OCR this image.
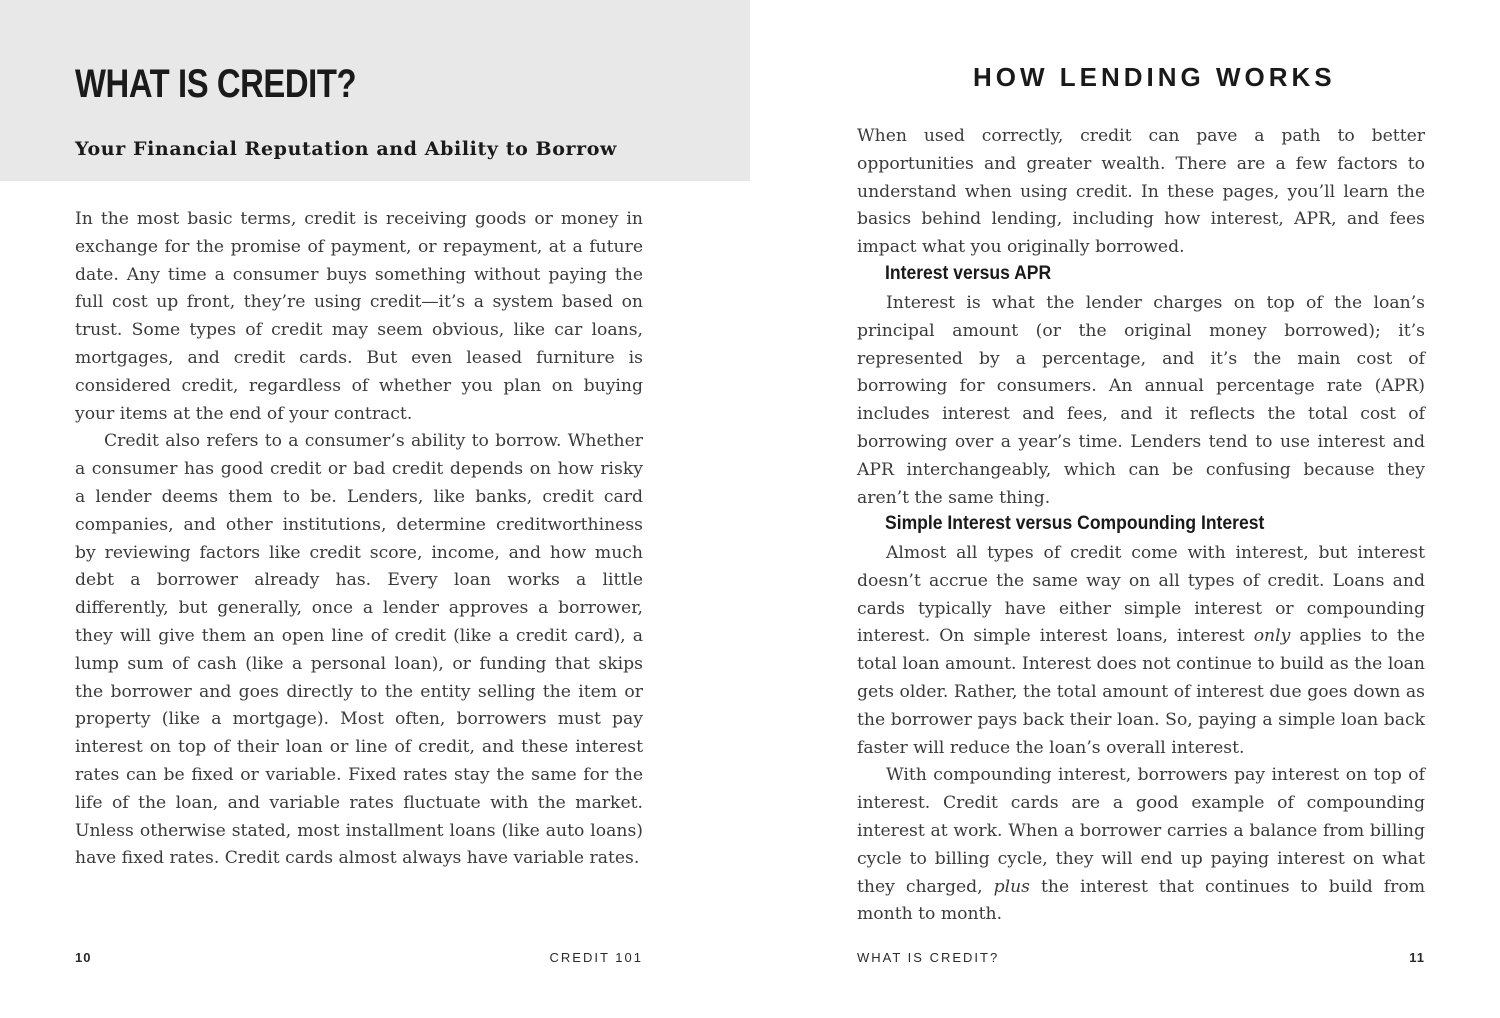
WHAT IS CREDIT?
Your Financial Reputation and Ability to Borrow

In the most basic terms, credit is receiving goods or money in exchange for the promise of payment, or repayment, at a future date. Any time a consumer buys something without paying the full cost up front, they’re using credit—it’s a system based on trust. Some types of credit may seem obvious, like car loans, mortgages, and credit cards. But even leased furniture is considered credit, regardless of whether you plan on buying your items at the end of your contract.

Credit also refers to a consumer’s ability to borrow. Whether a consumer has good credit or bad credit depends on how risky a lender deems them to be. Lenders, like banks, credit card companies, and other institutions, determine creditworthiness by reviewing factors like credit score, income, and how much debt a borrower already has. Every loan works a little differently, but generally, once a lender approves a borrower, they will give them an open line of credit (like a credit card), a lump sum of cash (like a personal loan), or funding that skips the borrower and goes directly to the entity selling the item or property (like a mortgage). Most often, borrowers must pay interest on top of their loan or line of credit, and these interest rates can be fixed or variable. Fixed rates stay the same for the life of the loan, and variable rates fluctuate with the market. Unless otherwise stated, most installment loans (like auto loans) have fixed rates. Credit cards almost always have variable rates.

10	CREDIT 101
HOW LENDING WORKS

When used correctly, credit can pave a path to better opportunities and greater wealth. There are a few factors to understand when using credit. In these pages, you’ll learn the basics behind lending, including how interest, APR, and fees impact what you originally borrowed.

Interest versus APR

Interest is what the lender charges on top of the loan’s principal amount (or the original money borrowed); it’s represented by a percentage, and it’s the main cost of borrowing for consumers. An annual percentage rate (APR) includes interest and fees, and it reflects the total cost of borrowing over a year’s time. Lenders tend to use interest and APR interchangeably, which can be confusing because they aren’t the same thing.

Simple Interest versus Compounding Interest

Almost all types of credit come with interest, but interest doesn’t accrue the same way on all types of credit. Loans and cards typically have either simple interest or compounding interest. On simple interest loans, interest only applies to the total loan amount. Interest does not continue to build as the loan gets older. Rather, the total amount of interest due goes down as the borrower pays back their loan. So, paying a simple loan back faster will reduce the loan’s overall interest.

With compounding interest, borrowers pay interest on top of interest. Credit cards are a good example of compounding interest at work. When a borrower carries a balance from billing cycle to billing cycle, they will end up paying interest on what they charged, plus the interest that continues to build from month to month.

WHAT IS CREDIT?	11
